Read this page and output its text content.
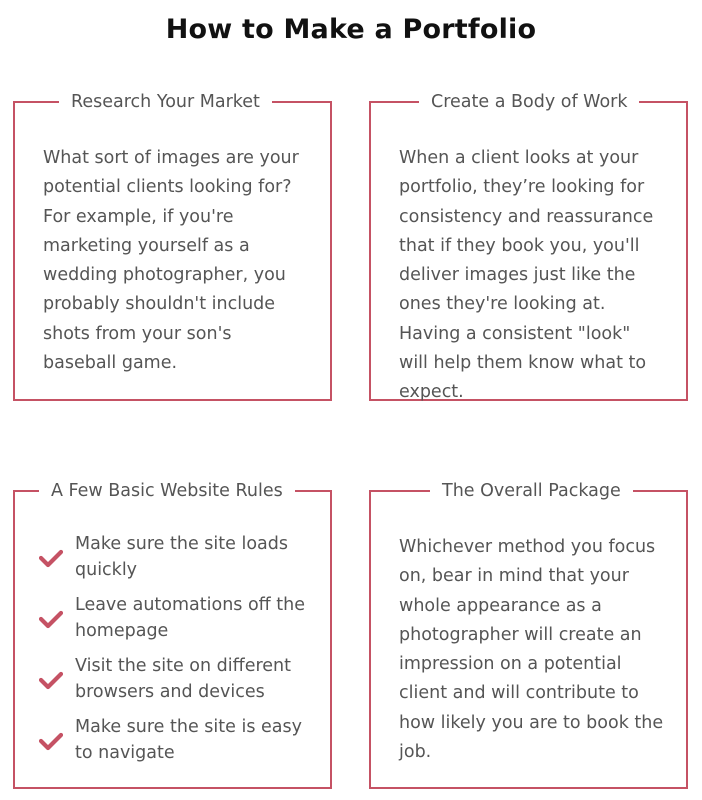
How to Make a Portfolio
Research Your Market
What sort of images are your potential clients looking for? For example, if you're marketing yourself as a wedding photographer, you probably shouldn't include shots from your son's baseball game.
Create a Body of Work
When a client looks at your portfolio, they’re looking for consistency and reassurance that if they book you, you'll deliver images just like the ones they're looking at. Having a consistent "look" will help them know what to expect.
A Few Basic Website Rules
Make sure the site loads quickly
Leave automations off the homepage
Visit the site on different browsers and devices
Make sure the site is easy to navigate
The Overall Package
Whichever method you focus on, bear in mind that your whole appearance as a photographer will create an impression on a potential client and will contribute to how likely you are to book the job.
